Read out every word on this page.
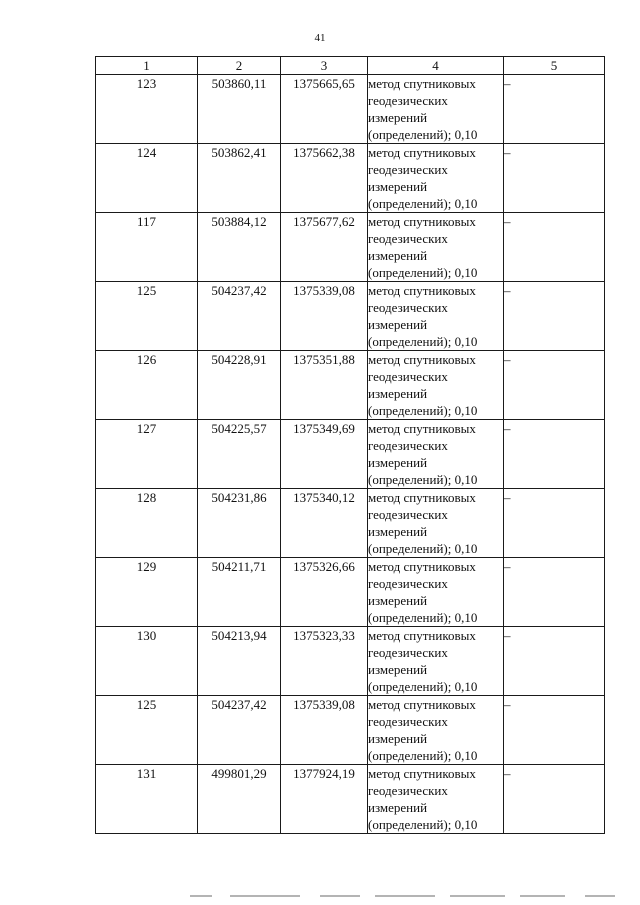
41
1	2	3	4	5
123	503860,11	1375665,65	метод спутниковых
геодезических
измерений
(определений); 0,10	–
124	503862,41	1375662,38	метод спутниковых
геодезических
измерений
(определений); 0,10	–
117	503884,12	1375677,62	метод спутниковых
геодезических
измерений
(определений); 0,10	–
125	504237,42	1375339,08	метод спутниковых
геодезических
измерений
(определений); 0,10	–
126	504228,91	1375351,88	метод спутниковых
геодезических
измерений
(определений); 0,10	–
127	504225,57	1375349,69	метод спутниковых
геодезических
измерений
(определений); 0,10	–
128	504231,86	1375340,12	метод спутниковых
геодезических
измерений
(определений); 0,10	–
129	504211,71	1375326,66	метод спутниковых
геодезических
измерений
(определений); 0,10	–
130	504213,94	1375323,33	метод спутниковых
геодезических
измерений
(определений); 0,10	–
125	504237,42	1375339,08	метод спутниковых
геодезических
измерений
(определений); 0,10	–
131	499801,29	1377924,19	метод спутниковых
геодезических
измерений
(определений); 0,10	–
